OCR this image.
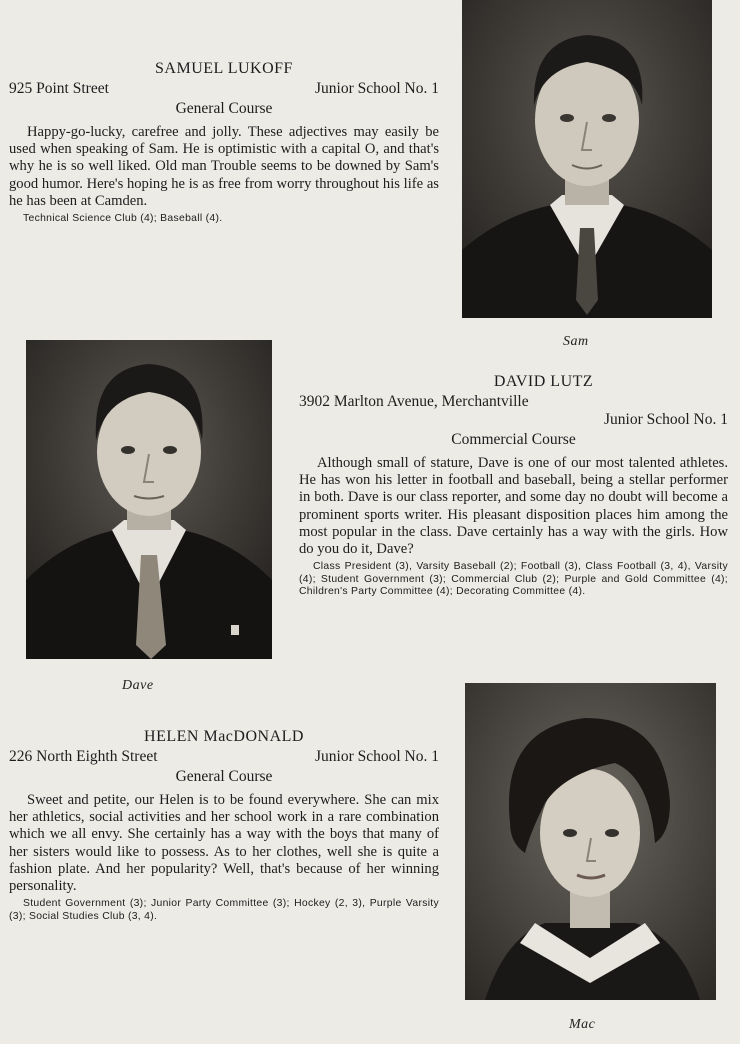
SAMUEL LUKOFF
925 Point Street	Junior School No. 1
General Course

Happy-go-lucky, carefree and jolly. These adjectives may easily be used when speaking of Sam. He is optimistic with a capital O, and that's why he is so well liked. Old man Trouble seems to be downed by Sam's good humor. Here's hoping he is as free from worry throughout his life as he has been at Camden.

Technical Science Club (4); Baseball (4).
Sam
Dave
DAVID LUTZ
3902 Marlton Avenue, Merchantville
Junior School No. 1
Commercial Course

Although small of stature, Dave is one of our most talented athletes. He has won his letter in football and baseball, being a stellar performer in both. Dave is our class reporter, and some day no doubt will become a prominent sports writer. His pleasant disposition places him among the most popular in the class. Dave certainly has a way with the girls. How do you do it, Dave?

Class President (3), Varsity Baseball (2); Football (3), Class Football (3, 4), Varsity (4); Student Government (3); Commercial Club (2); Purple and Gold Committee (4); Children's Party Committee (4); Decorating Committee (4).
HELEN MacDONALD
226 North Eighth Street	Junior School No. 1
General Course

Sweet and petite, our Helen is to be found everywhere. She can mix her athletics, social activities and her school work in a rare combination which we all envy. She certainly has a way with the boys that many of her sisters would like to possess. As to her clothes, well she is quite a fashion plate. And her popularity? Well, that's because of her winning personality.

Student Government (3); Junior Party Committee (3); Hockey (2, 3), Purple Varsity (3); Social Studies Club (3, 4).
Mac
